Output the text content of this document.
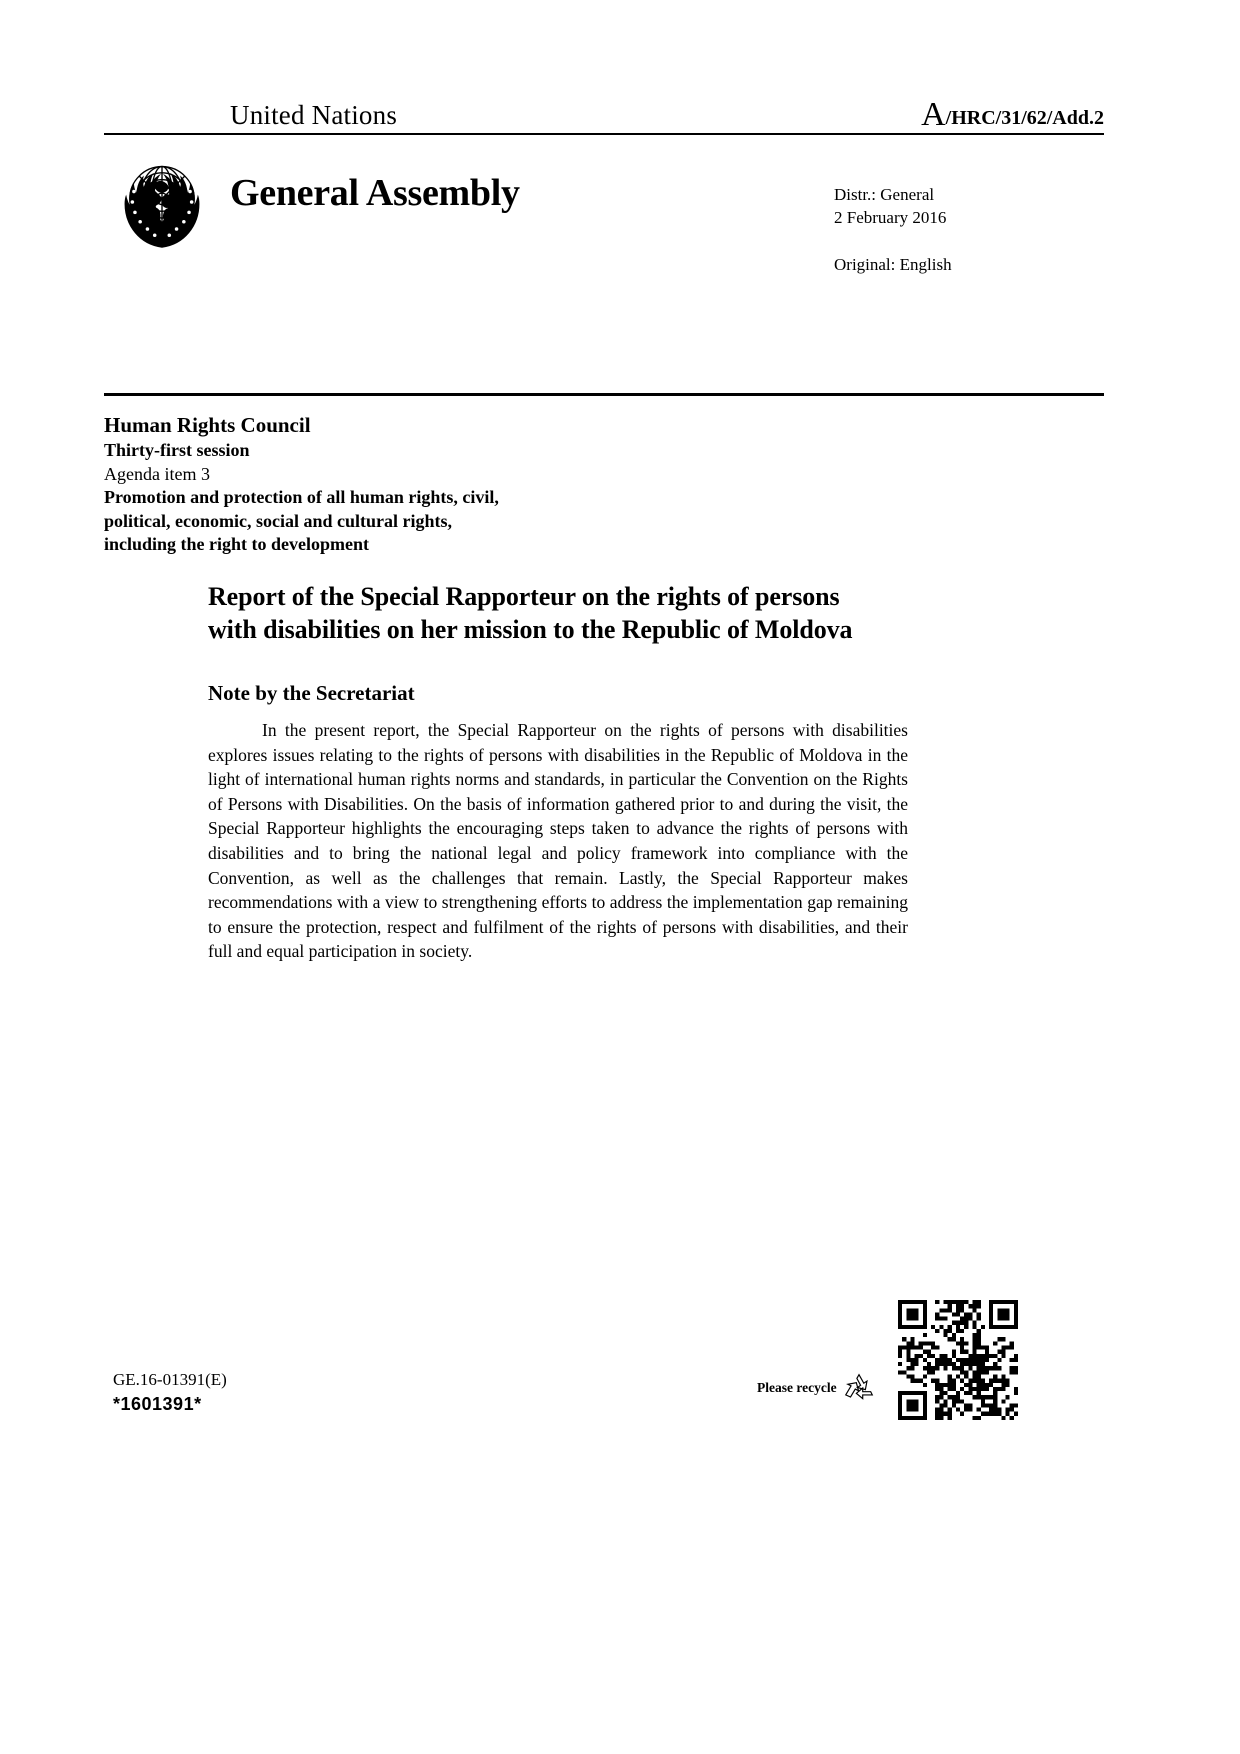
United Nations	A/HRC/31/62/Add.2
General Assembly	Distr.: General
2 February 2016
Original: English
Human Rights Council
Thirty-first session
Agenda item 3
Promotion and protection of all human rights, civil,
political, economic, social and cultural rights,
including the right to development
Report of the Special Rapporteur on the rights of persons
with disabilities on her mission to the Republic of Moldova
Note by the Secretariat
In the present report, the Special Rapporteur on the rights of persons with disabilities explores issues relating to the rights of persons with disabilities in the Republic of Moldova in the light of international human rights norms and standards, in particular the Convention on the Rights of Persons with Disabilities. On the basis of information gathered prior to and during the visit, the Special Rapporteur highlights the encouraging steps taken to advance the rights of persons with disabilities and to bring the national legal and policy framework into compliance with the Convention, as well as the challenges that remain. Lastly, the Special Rapporteur makes recommendations with a view to strengthening efforts to address the implementation gap remaining to ensure the protection, respect and fulfilment of the rights of persons with disabilities, and their full and equal participation in society.
GE.16-01391(E)
*1601391*
Please recycle
